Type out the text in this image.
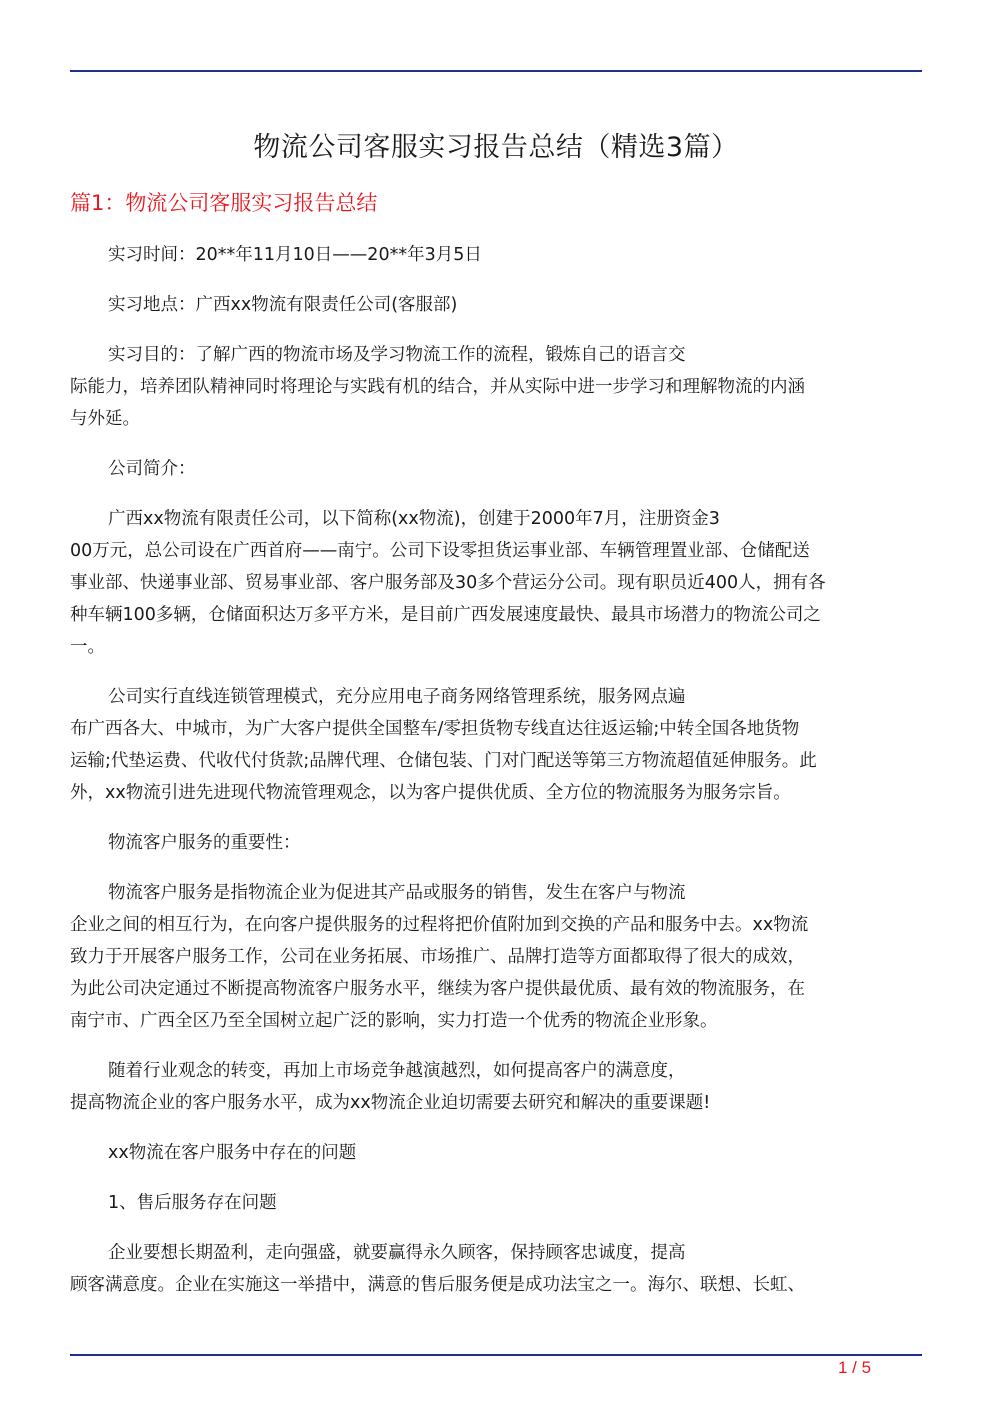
物流公司客服实习报告总结（精选3篇）
篇1：物流公司客服实习报告总结

实习时间：20**年11月10日——20**年3月5日

实习地点：广西xx物流有限责任公司(客服部)

实习目的：了解广西的物流市场及学习物流工作的流程，锻炼自己的语言交
际能力，培养团队精神同时将理论与实践有机的结合，并从实际中进一步学习和理解物流的内涵
与外延。

公司简介：

广西xx物流有限责任公司，以下简称(xx物流)，创建于2000年7月，注册资金3
00万元，总公司设在广西首府——南宁。公司下设零担货运事业部、车辆管理置业部、仓储配送
事业部、快递事业部、贸易事业部、客户服务部及30多个营运分公司。现有职员近400人，拥有各
种车辆100多辆，仓储面积达万多平方米，是目前广西发展速度最快、最具市场潜力的物流公司之
一。

公司实行直线连锁管理模式，充分应用电子商务网络管理系统，服务网点遍
布广西各大、中城市，为广大客户提供全国整车/零担货物专线直达往返运输;中转全国各地货物
运输;代垫运费、代收代付货款;品牌代理、仓储包装、门对门配送等第三方物流超值延伸服务。此
外，xx物流引进先进现代物流管理观念，以为客户提供优质、全方位的物流服务为服务宗旨。

物流客户服务的重要性：

物流客户服务是指物流企业为促进其产品或服务的销售，发生在客户与物流
企业之间的相互行为，在向客户提供服务的过程将把价值附加到交换的产品和服务中去。xx物流
致力于开展客户服务工作，公司在业务拓展、市场推广、品牌打造等方面都取得了很大的成效，
为此公司决定通过不断提高物流客户服务水平，继续为客户提供最优质、最有效的物流服务，在
南宁市、广西全区乃至全国树立起广泛的影响，实力打造一个优秀的物流企业形象。

随着行业观念的转变，再加上市场竞争越演越烈，如何提高客户的满意度，
提高物流企业的客户服务水平，成为xx物流企业迫切需要去研究和解决的重要课题!

xx物流在客户服务中存在的问题

1、售后服务存在问题

企业要想长期盈利，走向强盛，就要赢得永久顾客，保持顾客忠诚度，提高
顾客满意度。企业在实施这一举措中，满意的售后服务便是成功法宝之一。海尔、联想、长虹、

1 / 5
